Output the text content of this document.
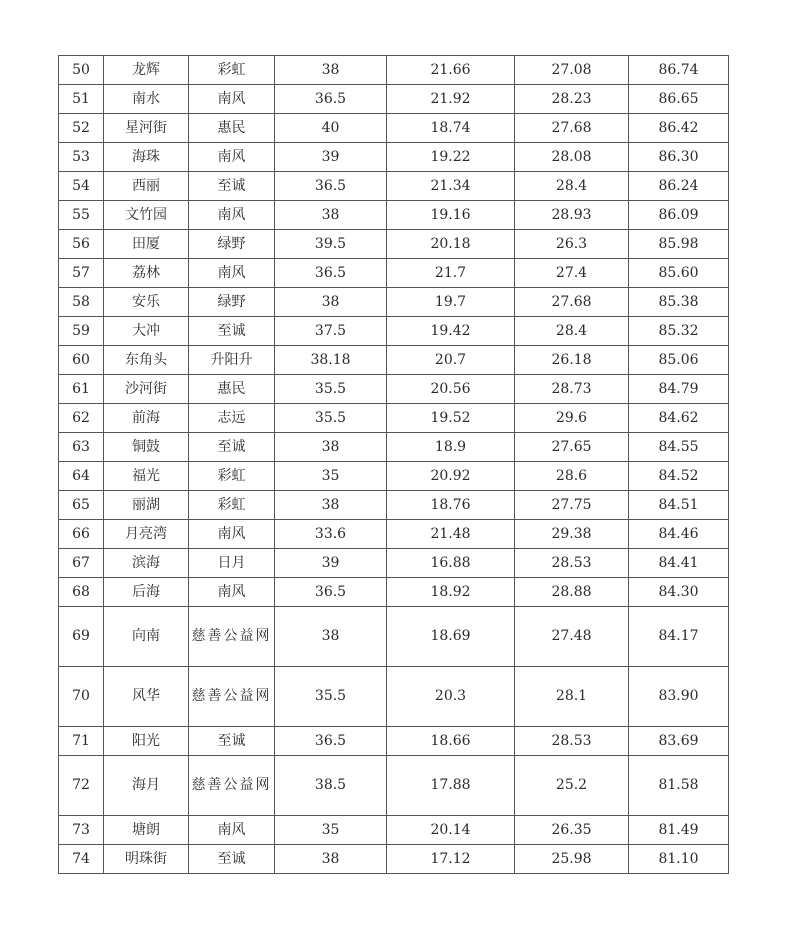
50	龙辉	彩虹	38	21.66	27.08	86.74
51	南水	南风	36.5	21.92	28.23	86.65
52	星河街	惠民	40	18.74	27.68	86.42
53	海珠	南风	39	19.22	28.08	86.30
54	西丽	至诚	36.5	21.34	28.4	86.24
55	文竹园	南风	38	19.16	28.93	86.09
56	田厦	绿野	39.5	20.18	26.3	85.98
57	荔林	南风	36.5	21.7	27.4	85.60
58	安乐	绿野	38	19.7	27.68	85.38
59	大冲	至诚	37.5	19.42	28.4	85.32
60	东角头	升阳升	38.18	20.7	26.18	85.06
61	沙河街	惠民	35.5	20.56	28.73	84.79
62	前海	志远	35.5	19.52	29.6	84.62
63	铜鼓	至诚	38	18.9	27.65	84.55
64	福光	彩虹	35	20.92	28.6	84.52
65	丽湖	彩虹	38	18.76	27.75	84.51
66	月亮湾	南风	33.6	21.48	29.38	84.46
67	滨海	日月	39	16.88	28.53	84.41
68	后海	南风	36.5	18.92	28.88	84.30
69	向南	慈善公益网	38	18.69	27.48	84.17
70	风华	慈善公益网	35.5	20.3	28.1	83.90
71	阳光	至诚	36.5	18.66	28.53	83.69
72	海月	慈善公益网	38.5	17.88	25.2	81.58
73	塘朗	南风	35	20.14	26.35	81.49
74	明珠街	至诚	38	17.12	25.98	81.10
